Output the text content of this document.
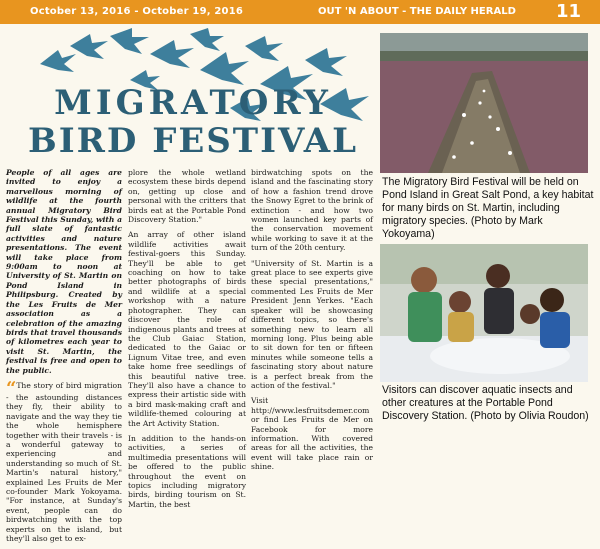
October 13, 2016 - October 19, 2016	OUT 'N ABOUT - THE DAILY HERALD 11
MIGRATORY
BIRD FESTIVAL
The Migratory Bird Festival will be held on Pond Island in Great Salt Pond, a key habitat for many birds on St. Martin, including migratory species. (Photo by Mark Yokoyama)
Visitors can discover aquatic insects and other creatures at the Portable Pond Discovery Station. (Photo by Olivia Roudon)

People of all ages are invited to enjoy a marvellous morning of wildlife at the fourth annual Migratory Bird Festival this Sunday, with a full slate of fantastic activities and nature presentations. The event will take place from 9:00am to noon at University of St. Martin on Pond Island in Philipsburg. Created by the Les Fruits de Mer association as a celebration of the amazing birds that travel thousands of kilometres each year to visit St. Martin, the festival is free and open to the public.

“The story of bird migration - the astounding distances they fly, their ability to navigate and the way they tie the whole hemisphere together with their travels - is a wonderful gateway to experiencing and understanding so much of St. Martin's natural history," explained Les Fruits de Mer co-founder Mark Yokoyama. "For instance, at Sunday's event, people can do birdwatching with the top experts on the island, but they'll also get to ex-

plore the whole wetland ecosystem these birds depend on, getting up close and personal with the critters that birds eat at the Portable Pond Discovery Station."

An array of other island wildlife activities await festival-goers this Sunday. They'll be able to get coaching on how to take better photographs of birds and wildlife at a special workshop with a nature photographer. They can discover the role of indigenous plants and trees at the Club Gaiac Station, dedicated to the Gaiac or Lignum Vitae tree, and even take home free seedlings of this beautiful native tree. They'll also have a chance to express their artistic side with a bird mask-making craft and wildlife-themed colouring at the Art Activity Station.

In addition to the hands-on activities, a series of multimedia presentations will be offered to the public throughout the event on topics including migratory birds, birding tourism on St. Martin, the best

birdwatching spots on the island and the fascinating story of how a fashion trend drove the Snowy Egret to the brink of extinction - and how two women launched key parts of the conservation movement while working to save it at the turn of the 20th century.

"University of St. Martin is a great place to see experts give these special presentations," commented Les Fruits de Mer President Jenn Yerkes. "Each speaker will be showcasing different topics, so there's something new to learn all morning long. Plus being able to sit down for ten or fifteen minutes while someone tells a fascinating story about nature is a perfect break from the action of the festival."

Visit http://www.lesfruitsdemer.com or find Les Fruits de Mer on Facebook for more information. With covered areas for all the activities, the event will take place rain or shine.
